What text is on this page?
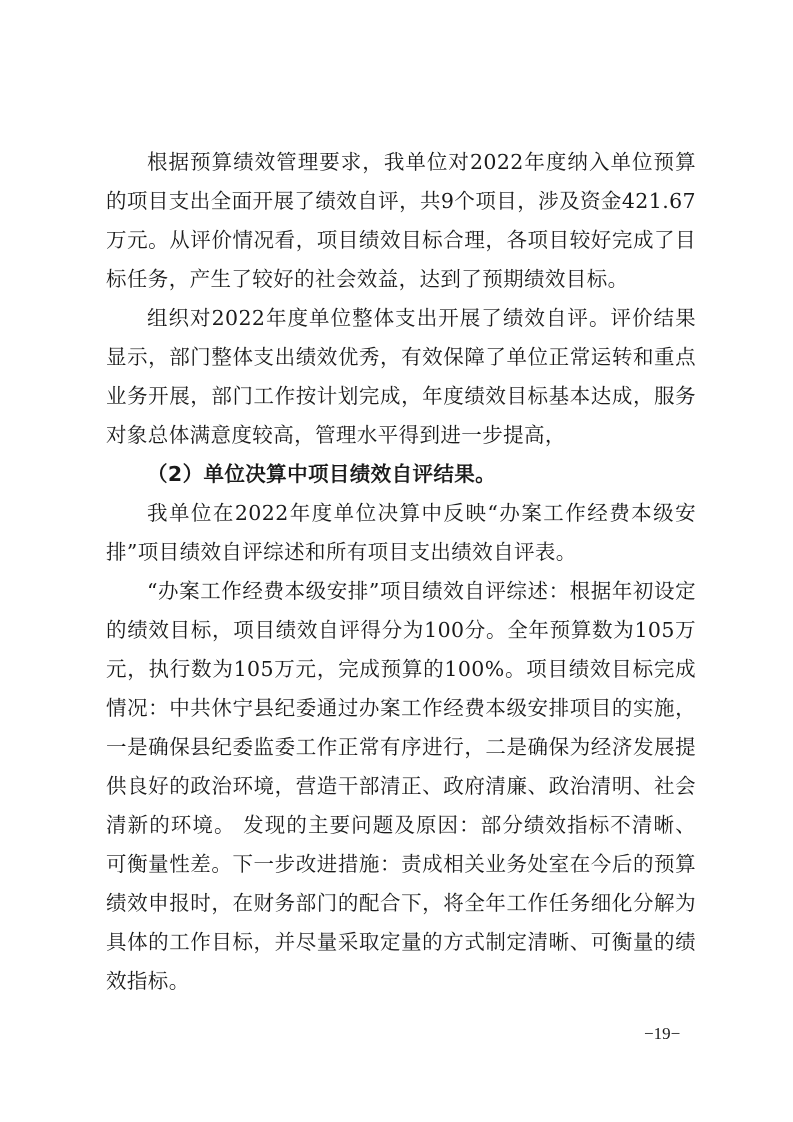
根据预算绩效管理要求，我单位对2022年度纳入单位预算的项目支出全面开展了绩效自评，共9个项目，涉及资金421.67万元。从评价情况看，项目绩效目标合理，各项目较好完成了目标任务，产生了较好的社会效益，达到了预期绩效目标。

组织对2022年度单位整体支出开展了绩效自评。评价结果显示，部门整体支出绩效优秀，有效保障了单位正常运转和重点业务开展，部门工作按计划完成，年度绩效目标基本达成，服务对象总体满意度较高，管理水平得到进一步提高，

（2）单位决算中项目绩效自评结果。

我单位在2022年度单位决算中反映“办案工作经费本级安排”项目绩效自评综述和所有项目支出绩效自评表。

“办案工作经费本级安排”项目绩效自评综述：根据年初设定的绩效目标，项目绩效自评得分为100分。全年预算数为105万元，执行数为105万元，完成预算的100%。项目绩效目标完成情况：中共休宁县纪委通过办案工作经费本级安排项目的实施，一是确保县纪委监委工作正常有序进行，二是确保为经济发展提供良好的政治环境，营造干部清正、政府清廉、政治清明、社会清新的环境。 发现的主要问题及原因：部分绩效指标不清晰、可衡量性差。下一步改进措施：责成相关业务处室在今后的预算绩效申报时，在财务部门的配合下，将全年工作任务细化分解为具体的工作目标，并尽量采取定量的方式制定清晰、可衡量的绩效指标。

−19−
